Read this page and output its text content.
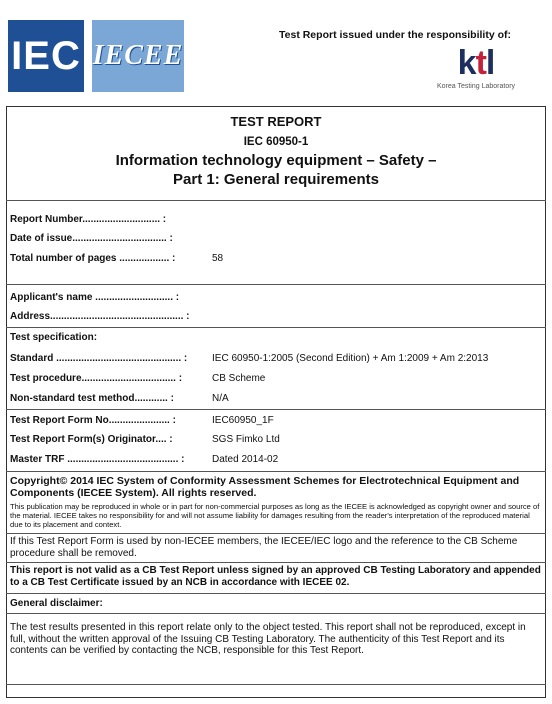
IEC IECEE
Test Report issued under the responsibility of:
ktl
Korea Testing Laboratory
TEST REPORT
IEC 60950-1
Information technology equipment – Safety –
Part 1: General requirements
Report Number............................ :
Date of issue.................................. :
Total number of pages .................. :	58
Applicant's name ............................ :
Address................................................ :
Test specification:
Standard ............................................. : IEC 60950-1:2005 (Second Edition) + Am 1:2009 + Am 2:2013
Test procedure.................................. :	CB Scheme
Non-standard test method............ :	N/A
Test Report Form No...................... :	IEC60950_1F
Test Report Form(s) Originator.... :	SGS Fimko Ltd
Master TRF ........................................ :	Dated 2014-02
Copyright© 2014 IEC System of Conformity Assessment Schemes for Electrotechnical Equipment and Components (IECEE System). All rights reserved.
This publication may be reproduced in whole or in part for non-commercial purposes as long as the IECEE is acknowledged as copyright owner and source of the material. IECEE takes no responsibility for and will not assume liability for damages resulting from the reader's interpretation of the reproduced material due to its placement and context.
If this Test Report Form is used by non-IECEE members, the IECEE/IEC logo and the reference to the CB Scheme procedure shall be removed.
This report is not valid as a CB Test Report unless signed by an approved CB Testing Laboratory and appended to a CB Test Certificate issued by an NCB in accordance with IECEE 02.
General disclaimer:
The test results presented in this report relate only to the object tested. This report shall not be reproduced, except in full, without the written approval of the Issuing CB Testing Laboratory. The authenticity of this Test Report and its contents can be verified by contacting the NCB, responsible for this Test Report.
